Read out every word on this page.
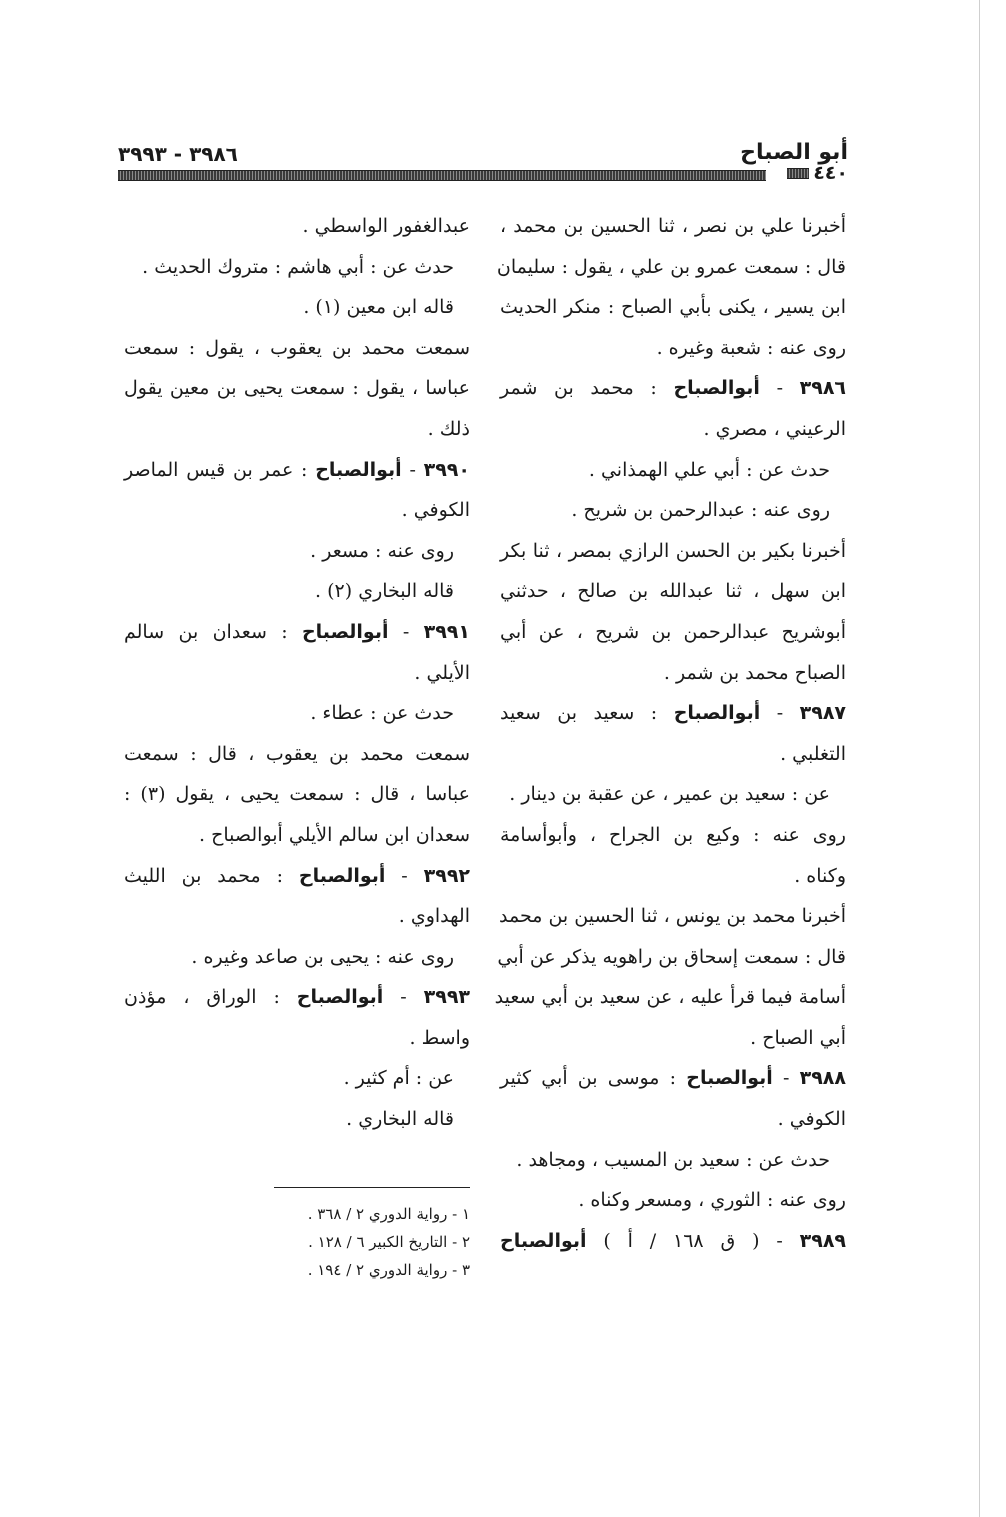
أبو الصباح
٣٩٨٦ - ٣٩٩٣
٤٤٠
أخبرنا علي بن نصر ، ثنا الحسين بن محمد ،
قال : سمعت عمرو بن علي ، يقول : سليمان
ابن يسير ، يكنى بأبي الصباح : منكر الحديث
روى عنه : شعبة وغيره .
٣٩٨٦ - أبوالصباح : محمد بن شمر
الرعيني ، مصري .
حدث عن : أبي علي الهمذاني .
روى عنه : عبدالرحمن بن شريح .
أخبرنا بكير بن الحسن الرازي بمصر ، ثنا بكر
ابن سهل ، ثنا عبدالله بن صالح ، حدثني
أبوشريح عبدالرحمن بن شريح ، عن أبي
الصباح محمد بن شمر .
٣٩٨٧ - أبوالصباح : سعيد بن سعيد
التغلبي .
عن : سعيد بن عمير ، عن عقبة بن دينار .
روى عنه : وكيع بن الجراح ، وأبوأسامة
وكناه .
أخبرنا محمد بن يونس ، ثنا الحسين بن محمد
قال : سمعت إسحاق بن راهويه يذكر عن أبي
أسامة فيما قرأ عليه ، عن سعيد بن أبي سعيد
أبي الصباح .
٣٩٨٨ - أبوالصباح : موسى بن أبي كثير
الكوفي .
حدث عن : سعيد بن المسيب ، ومجاهد .
روى عنه : الثوري ، ومسعر وكناه .
٣٩٨٩ - ( ق ١٦٨ / أ ) أبوالصباح
عبدالغفور الواسطي .
حدث عن : أبي هاشم : متروك الحديث .
قاله ابن معين (١) .
سمعت محمد بن يعقوب ، يقول : سمعت
عباسا ، يقول : سمعت يحيى بن معين يقول
ذلك .
٣٩٩٠ - أبوالصباح : عمر بن قيس الماصر
الكوفي .
روى عنه : مسعر .
قاله البخاري (٢) .
٣٩٩١ - أبوالصباح : سعدان بن سالم
الأيلي .
حدث عن : عطاء .
سمعت محمد بن يعقوب ، قال : سمعت
عباسا ، قال : سمعت يحيى ، يقول (٣) :
سعدان ابن سالم الأيلي أبوالصباح .
٣٩٩٢ - أبوالصباح : محمد بن الليث
الهداوي .
روى عنه : يحيى بن صاعد وغيره .
٣٩٩٣ - أبوالصباح : الوراق ، مؤذن
واسط .
عن : أم كثير .
قاله البخاري .
١ - رواية الدوري ٢ / ٣٦٨ .
٢ - التاريخ الكبير ٦ / ١٢٨ .
٣ - رواية الدوري ٢ / ١٩٤ .
